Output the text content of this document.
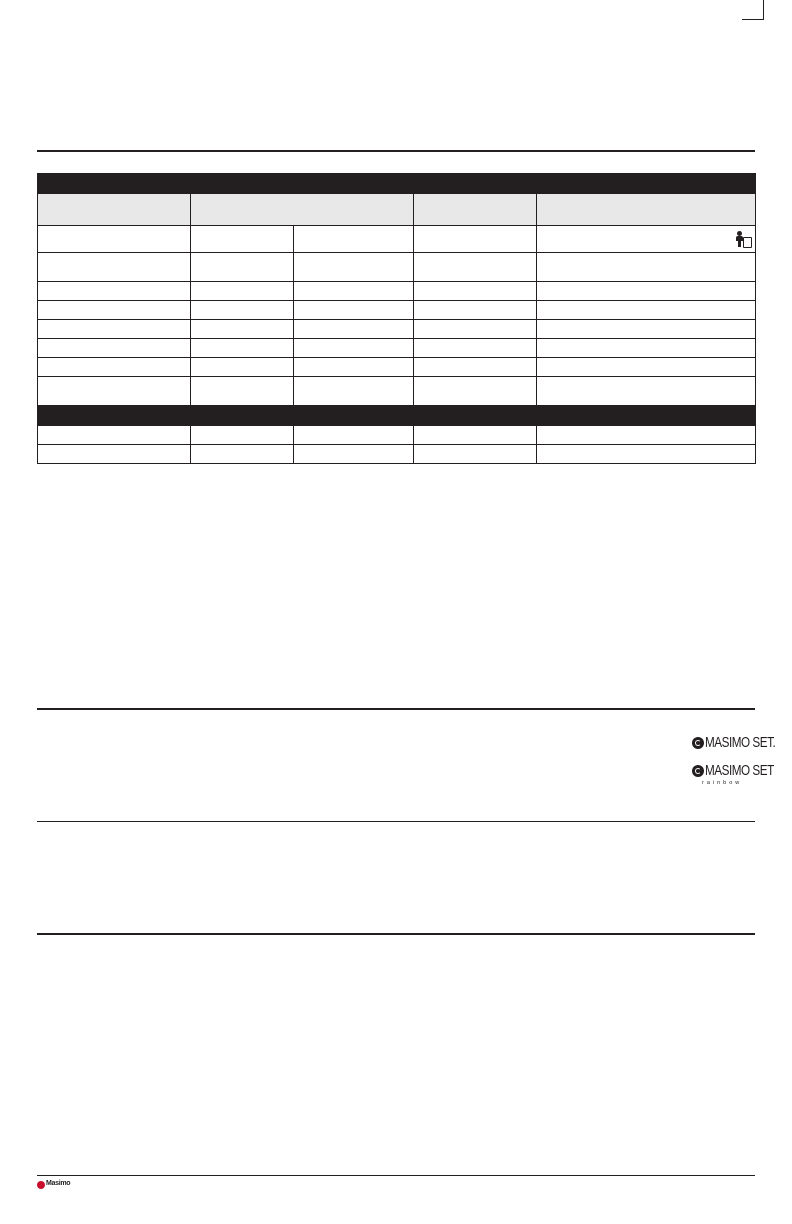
MASIMO SET.
MASIMO SET
rainbow
Masimo
